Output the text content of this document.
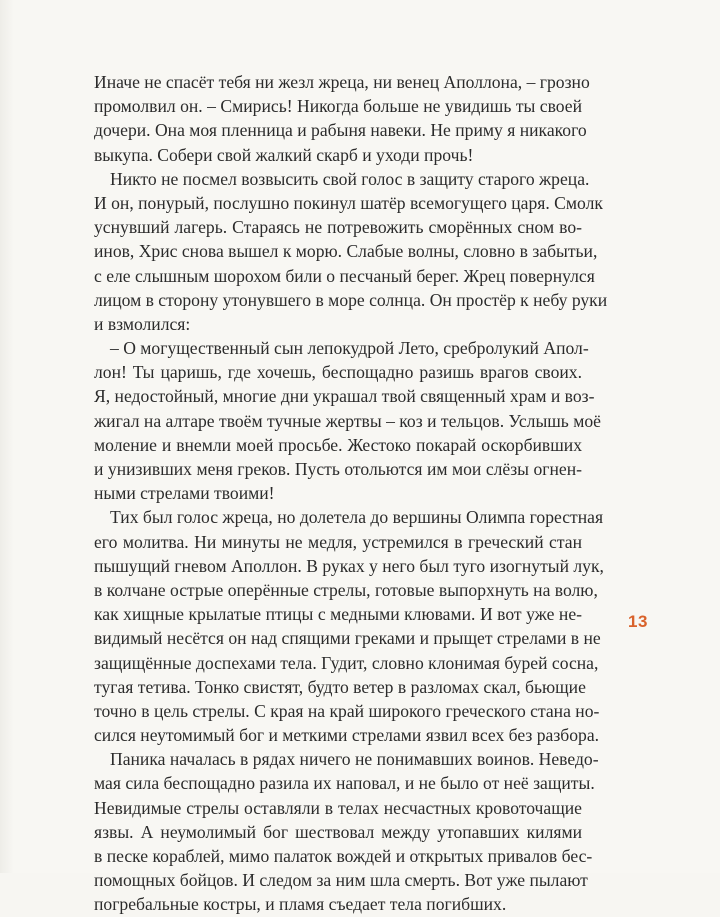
Иначе не спасёт тебя ни жезл жреца, ни венец Аполлона, – грозно
промолвил он. – Смирись! Никогда больше не увидишь ты своей
дочери. Она моя пленница и рабыня навеки. Не приму я никакого
выкупа. Собери свой жалкий скарб и уходи прочь!
Никто не посмел возвысить свой голос в защиту старого жреца.
И он, понурый, послушно покинул шатёр всемогущего царя. Смолк
уснувший лагерь. Стараясь не потревожить сморённых сном во-
инов, Хрис снова вышел к морю. Слабые волны, словно в забытьи,
с еле слышным шорохом били о песчаный берег. Жрец повернулся
лицом в сторону утонувшего в море солнца. Он простёр к небу руки
и взмолился:
– О могущественный сын лепокудрой Лето, сребролукий Апол-
лон! Ты царишь, где хочешь, беспощадно разишь врагов своих.
Я, недостойный, многие дни украшал твой священный храм и воз-
жигал на алтаре твоём тучные жертвы – коз и тельцов. Услышь моё
моление и внемли моей просьбе. Жестоко покарай оскорбивших
и унизивших меня греков. Пусть отольются им мои слёзы огнен-
ными стрелами твоими!
Тих был голос жреца, но долетела до вершины Олимпа горестная
его молитва. Ни минуты не медля, устремился в греческий стан
пышущий гневом Аполлон. В руках у него был туго изогнутый лук,
в колчане острые оперённые стрелы, готовые выпорхнуть на волю,
как хищные крылатые птицы с медными клювами. И вот уже не-
видимый несётся он над спящими греками и прыщет стрелами в не
защищённые доспехами тела. Гудит, словно клонимая бурей сосна,
тугая тетива. Тонко свистят, будто ветер в разломах скал, бьющие
точно в цель стрелы. С края на край широкого греческого стана но-
сился неутомимый бог и меткими стрелами язвил всех без разбора.
Паника началась в рядах ничего не понимавших воинов. Неведо-
мая сила беспощадно разила их наповал, и не было от неё защиты.
Невидимые стрелы оставляли в телах несчастных кровоточащие
язвы. А неумолимый бог шествовал между утопавших килями
в песке кораблей, мимо палаток вождей и открытых привалов бес-
помощных бойцов. И следом за ним шла смерть. Вот уже пылают
погребальные костры, и пламя съедает тела погибших.
13
